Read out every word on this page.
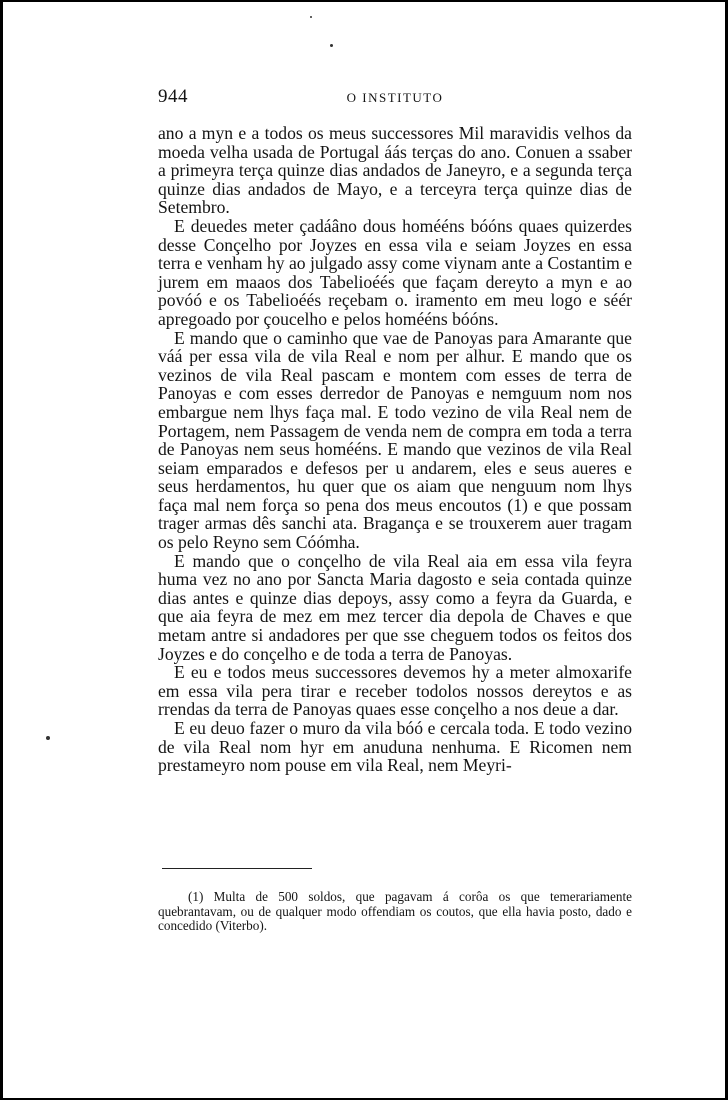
944	O INSTITUTO

ano a myn e a todos os meus successores Mil maravidis velhos da moeda velha usada de Portugal áás terças do ano. Conuen a ssaber a primeyra terça quinze dias andados de Janeyro, e a segunda terça quinze dias andados de Mayo, e a terceyra terça quinze dias de Setembro.

E deuedes meter çadáâno dous homééns bóóns quaes quizerdes desse Conçelho por Joyzes en essa vila e seiam Joyzes en essa terra e venham hy ao julgado assy come viynam ante a Costantim e jurem em maaos dos Tabelioéés que façam dereyto a myn e ao povóó e os Tabelioéés reçebam o. iramento em meu logo e séér apregoado por çoucelho e pelos homééns bóóns.

E mando que o caminho que vae de Panoyas para Amarante que váá per essa vila de vila Real e nom per alhur. E mando que os vezinos de vila Real pascam e montem com esses de terra de Panoyas e com esses derredor de Panoyas e nemguum nom nos embargue nem lhys faça mal. E todo vezino de vila Real nem de Portagem, nem Passagem de venda nem de compra em toda a terra de Panoyas nem seus homééns. E mando que vezinos de vila Real seiam emparados e defesos per u andarem, eles e seus aueres e seus herdamentos, hu quer que os aiam que nenguum nom lhys faça mal nem força so pena dos meus encoutos (1) e que possam trager armas dês sanchi ata. Bragança e se trouxerem auer tragam os pelo Reyno sem Cóómha.

E mando que o conçelho de vila Real aia em essa vila feyra huma vez no ano por Sancta Maria dagosto e seia contada quinze dias antes e quinze dias depoys, assy como a feyra da Guarda, e que aia feyra de mez em mez tercer dia depola de Chaves e que metam antre si andadores per que sse cheguem todos os feitos dos Joyzes e do conçelho e de toda a terra de Panoyas.

E eu e todos meus successores devemos hy a meter almoxarife em essa vila pera tirar e receber todolos nossos dereytos e as rrendas da terra de Panoyas quaes esse conçelho a nos deue a dar.

E eu deuo fazer o muro da vila bóó e cercala toda. E todo vezino de vila Real nom hyr em anuduna nenhuma. E Ricomen nem prestameyro nom pouse em vila Real, nem Meyri-

(1) Multa de 500 soldos, que pagavam á corôa os que temerariamente quebrantavam, ou de qualquer modo offendiam os coutos, que ella havia posto, dado e concedido (Viterbo).
